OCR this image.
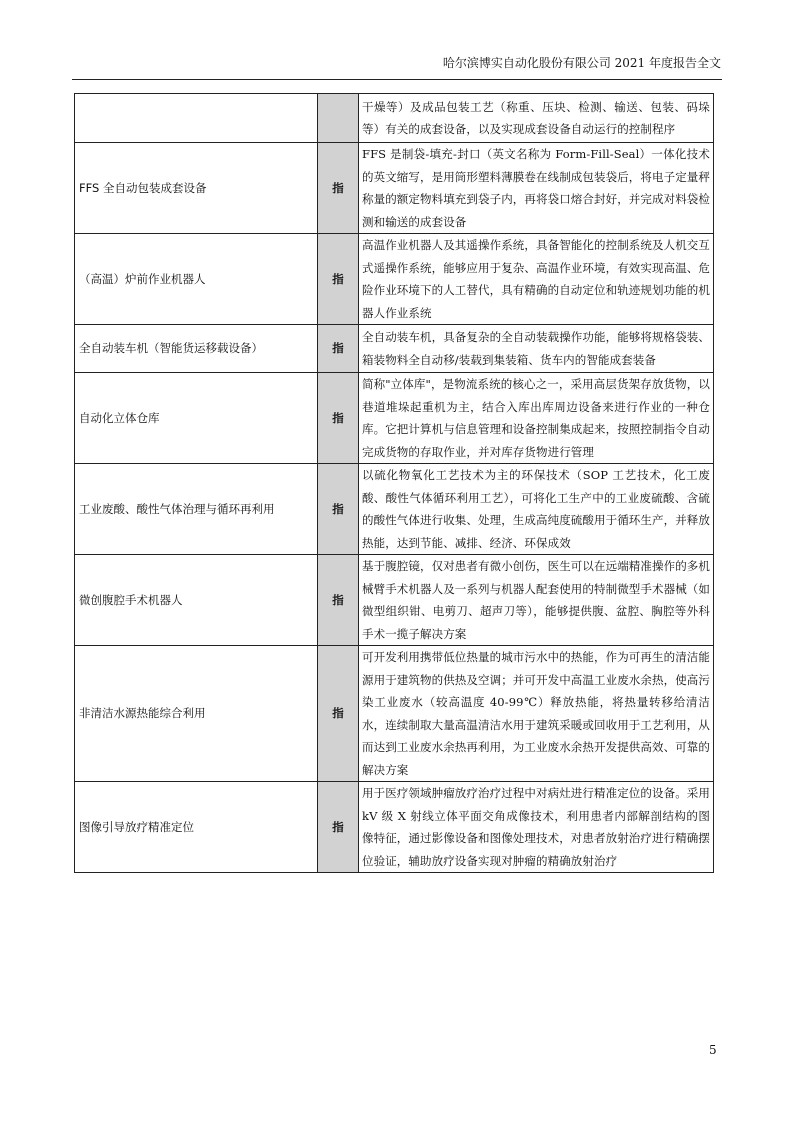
哈尔滨博实自动化股份有限公司 2021 年度报告全文
		干燥等）及成品包装工艺（称重、压块、检测、输送、包装、码垛等）有关的成套设备，以及实现成套设备自动运行的控制程序
FFS 全自动包装成套设备	指	FFS 是制袋-填充-封口（英文名称为 Form-Fill-Seal）一体化技术的英文缩写，是用筒形塑料薄膜卷在线制成包装袋后，将电子定量秤称量的额定物料填充到袋子内，再将袋口熔合封好，并完成对料袋检测和输送的成套设备
（高温）炉前作业机器人	指	高温作业机器人及其遥操作系统，具备智能化的控制系统及人机交互式遥操作系统，能够应用于复杂、高温作业环境，有效实现高温、危险作业环境下的人工替代，具有精确的自动定位和轨迹规划功能的机器人作业系统
全自动装车机（智能货运移载设备）	指	全自动装车机，具备复杂的全自动装载操作功能，能够将规格袋装、箱装物料全自动移/装载到集装箱、货车内的智能成套装备
自动化立体仓库	指	简称"立体库"，是物流系统的核心之一，采用高层货架存放货物，以巷道堆垛起重机为主，结合入库出库周边设备来进行作业的一种仓库。它把计算机与信息管理和设备控制集成起来，按照控制指令自动完成货物的存取作业，并对库存货物进行管理
工业废酸、酸性气体治理与循环再利用	指	以硫化物氧化工艺技术为主的环保技术（SOP 工艺技术，化工废酸、酸性气体循环利用工艺），可将化工生产中的工业废硫酸、含硫的酸性气体进行收集、处理，生成高纯度硫酸用于循环生产，并释放热能，达到节能、减排、经济、环保成效
微创腹腔手术机器人	指	基于腹腔镜，仅对患者有微小创伤，医生可以在远端精准操作的多机械臂手术机器人及一系列与机器人配套使用的特制微型手术器械（如微型组织钳、电剪刀、超声刀等），能够提供腹、盆腔、胸腔等外科手术一揽子解决方案
非清洁水源热能综合利用	指	可开发利用携带低位热量的城市污水中的热能，作为可再生的清洁能源用于建筑物的供热及空调；并可开发中高温工业废水余热，使高污染工业废水（较高温度 40-99℃）释放热能，将热量转移给清洁水，连续制取大量高温清洁水用于建筑采暖或回收用于工艺利用，从而达到工业废水余热再利用，为工业废水余热开发提供高效、可靠的解决方案
图像引导放疗精准定位	指	用于医疗领域肿瘤放疗治疗过程中对病灶进行精准定位的设备。采用 kV 级 X 射线立体平面交角成像技术，利用患者内部解剖结构的图像特征，通过影像设备和图像处理技术，对患者放射治疗进行精确摆位验证，辅助放疗设备实现对肿瘤的精确放射治疗
5
